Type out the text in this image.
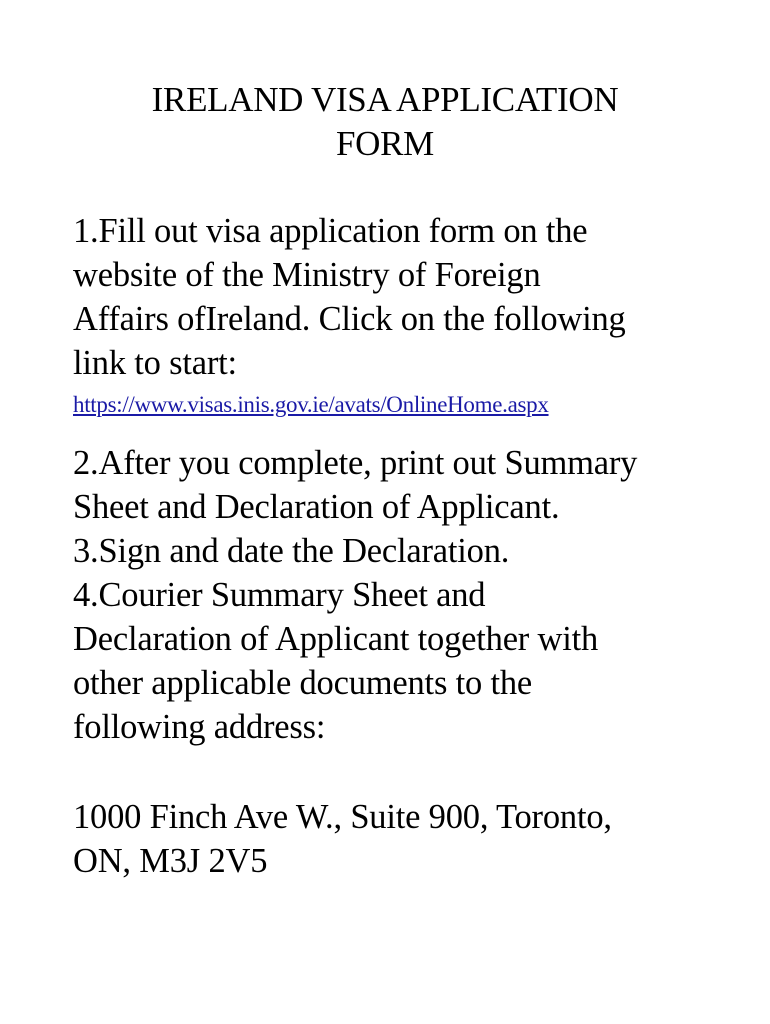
IRELAND VISA APPLICATION
FORM
1.Fill out visa application form on the
website of the Ministry of Foreign
Affairs ofIreland. Click on the following
link to start:
https://www.visas.inis.gov.ie/avats/OnlineHome.aspx
2.After you complete, print out Summary
Sheet and Declaration of Applicant.
3.Sign and date the Declaration.
4.Courier Summary Sheet and
Declaration of Applicant together with
other applicable documents to the
following address:
1000 Finch Ave W., Suite 900, Toronto,
ON, M3J 2V5
